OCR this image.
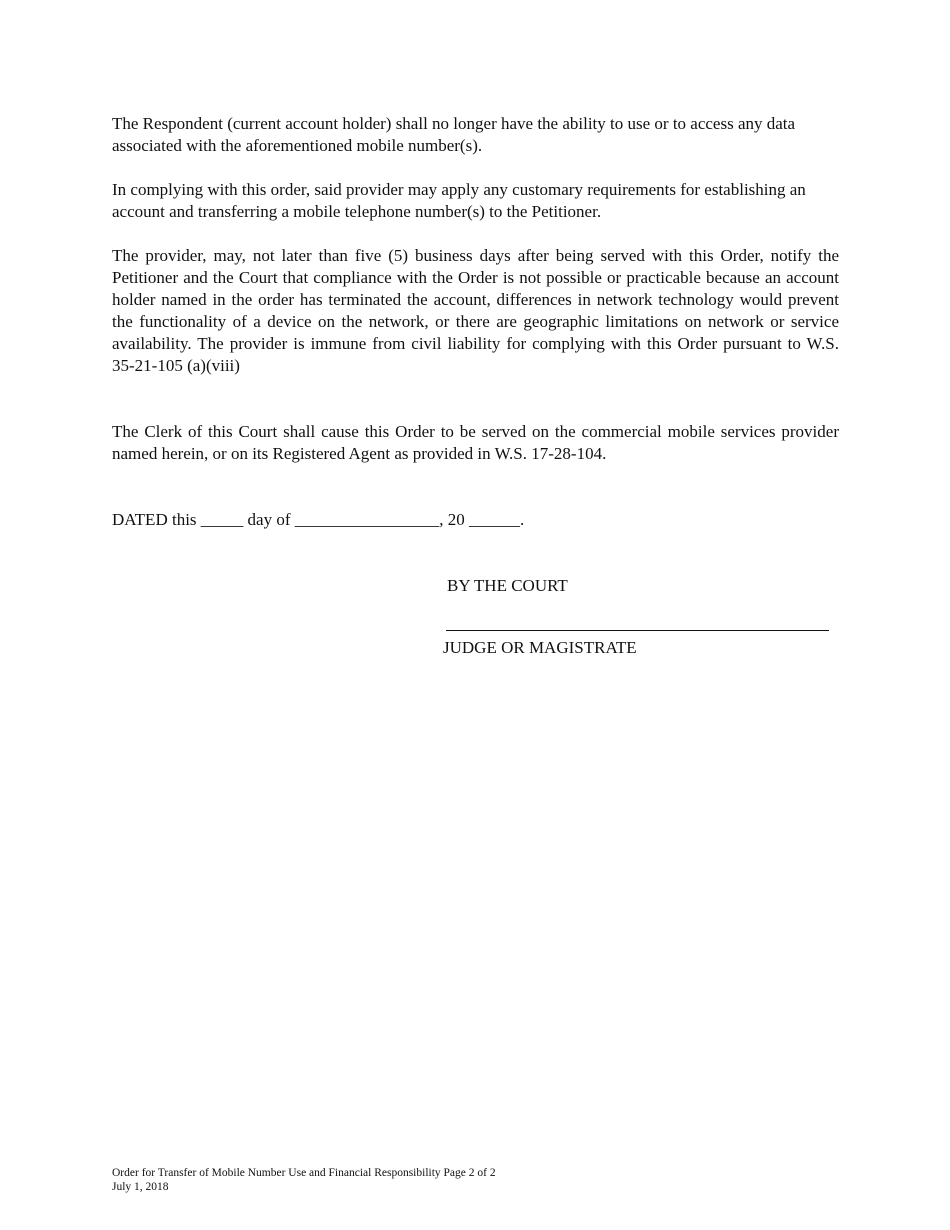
The Respondent (current account holder) shall no longer have the ability to use or to access any data associated with the aforementioned mobile number(s).

In complying with this order, said provider may apply any customary requirements for establishing an account and transferring a mobile telephone number(s) to the Petitioner.

The provider, may, not later than five (5) business days after being served with this Order, notify the Petitioner and the Court that compliance with the Order is not possible or practicable because an account holder named in the order has terminated the account, differences in network technology would prevent the functionality of a device on the network, or there are geographic limitations on network or service availability. The provider is immune from civil liability for complying with this Order pursuant to W.S. 35-21-105 (a)(viii)

The Clerk of this Court shall cause this Order to be served on the commercial mobile services provider named herein, or on its Registered Agent as provided in W.S. 17-28-104.

DATED this _____ day of _________________, 20 ______.
BY THE COURT
JUDGE OR MAGISTRATE
Order for Transfer of Mobile Number Use and Financial Responsibility Page 2 of 2
July 1, 2018
